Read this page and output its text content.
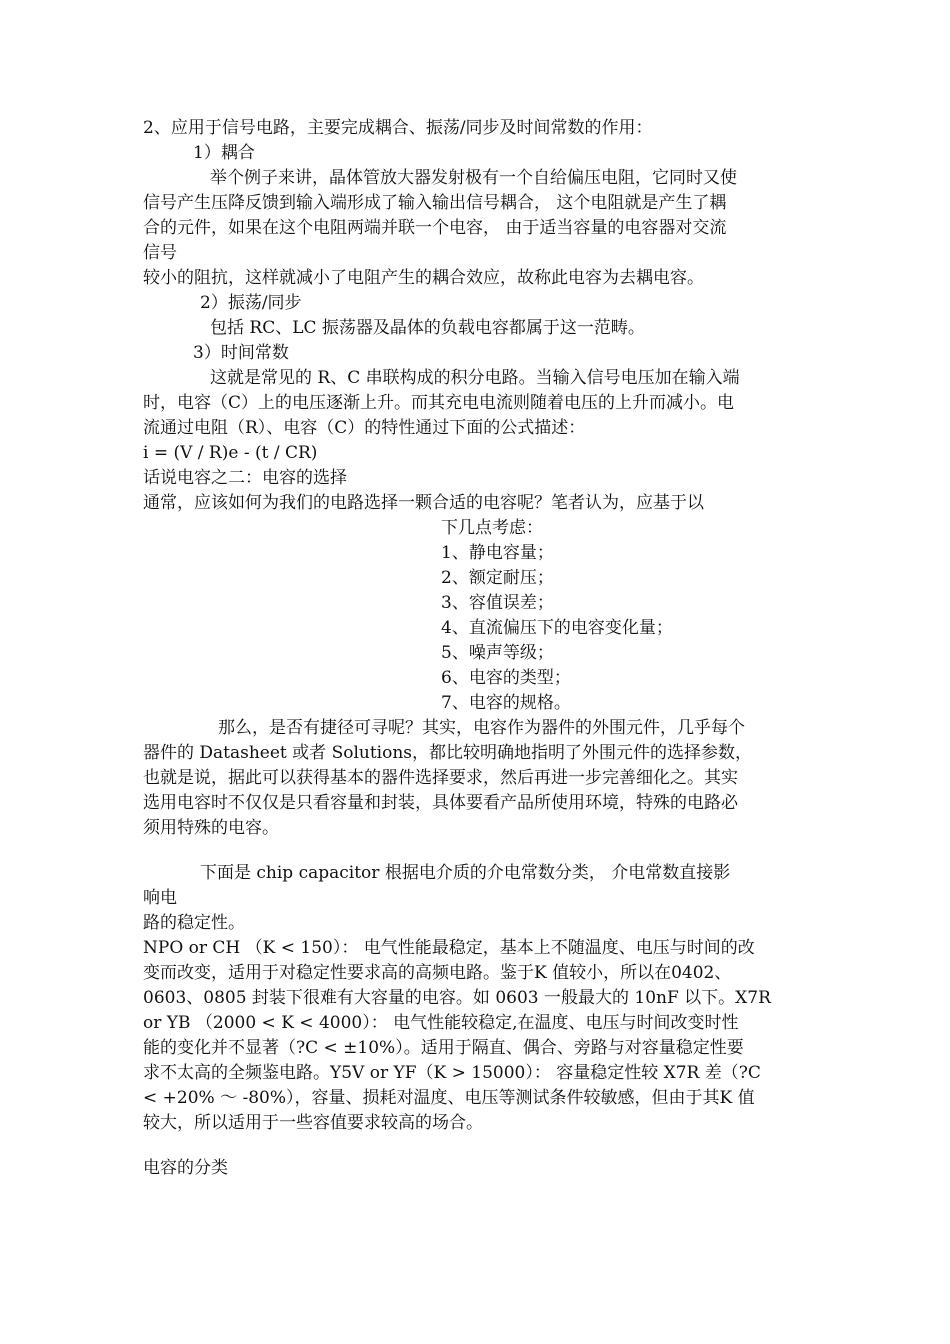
2、应用于信号电路，主要完成耦合、振荡/同步及时间常数的作用：
1）耦合
举个例子来讲，晶体管放大器发射极有一个自给偏压电阻，它同时又使
信号产生压降反馈到输入端形成了输入输出信号耦合， 这个电阻就是产生了耦
合的元件，如果在这个电阻两端并联一个电容， 由于适当容量的电容器对交流
信号
较小的阻抗，这样就减小了电阻产生的耦合效应，故称此电容为去耦电容。
2）振荡/同步
包括 RC、LC 振荡器及晶体的负载电容都属于这一范畴。
3）时间常数
这就是常见的 R、C 串联构成的积分电路。当输入信号电压加在输入端
时，电容（C）上的电压逐渐上升。而其充电电流则随着电压的上升而减小。电
流通过电阻（R）、电容（C）的特性通过下面的公式描述：
i = (V / R)e - (t / CR)
话说电容之二：电容的选择
通常，应该如何为我们的电路选择一颗合适的电容呢？笔者认为，应基于以
下几点考虑：
1、静电容量；
2、额定耐压；
3、容值误差；
4、直流偏压下的电容变化量；
5、噪声等级；
6、电容的类型；
7、电容的规格。
那么，是否有捷径可寻呢？其实，电容作为器件的外围元件，几乎每个
器件的 Datasheet 或者 Solutions，都比较明确地指明了外围元件的选择参数，
也就是说，据此可以获得基本的器件选择要求，然后再进一步完善细化之。其实
选用电容时不仅仅是只看容量和封装，具体要看产品所使用环境，特殊的电路必
须用特殊的电容。
下面是 chip capacitor 根据电介质的介电常数分类， 介电常数直接影
响电
路的稳定性。
NPO or CH （K < 150）： 电气性能最稳定，基本上不随温度、电压与时间的改
变而改变，适用于对稳定性要求高的高频电路。鉴于K 值较小，所以在0402、
0603、0805 封装下很难有大容量的电容。如 0603 一般最大的 10nF 以下。X7R
or YB （2000 < K < 4000）： 电气性能较稳定,在温度、电压与时间改变时性
能的变化并不显著（?C < ±10%）。适用于隔直、偶合、旁路与对容量稳定性要
求不太高的全频鉴电路。Y5V or YF（K > 15000）： 容量稳定性较 X7R 差（?C
< +20% ～ -80%），容量、损耗对温度、电压等测试条件较敏感，但由于其K 值
较大，所以适用于一些容值要求较高的场合。
电容的分类
